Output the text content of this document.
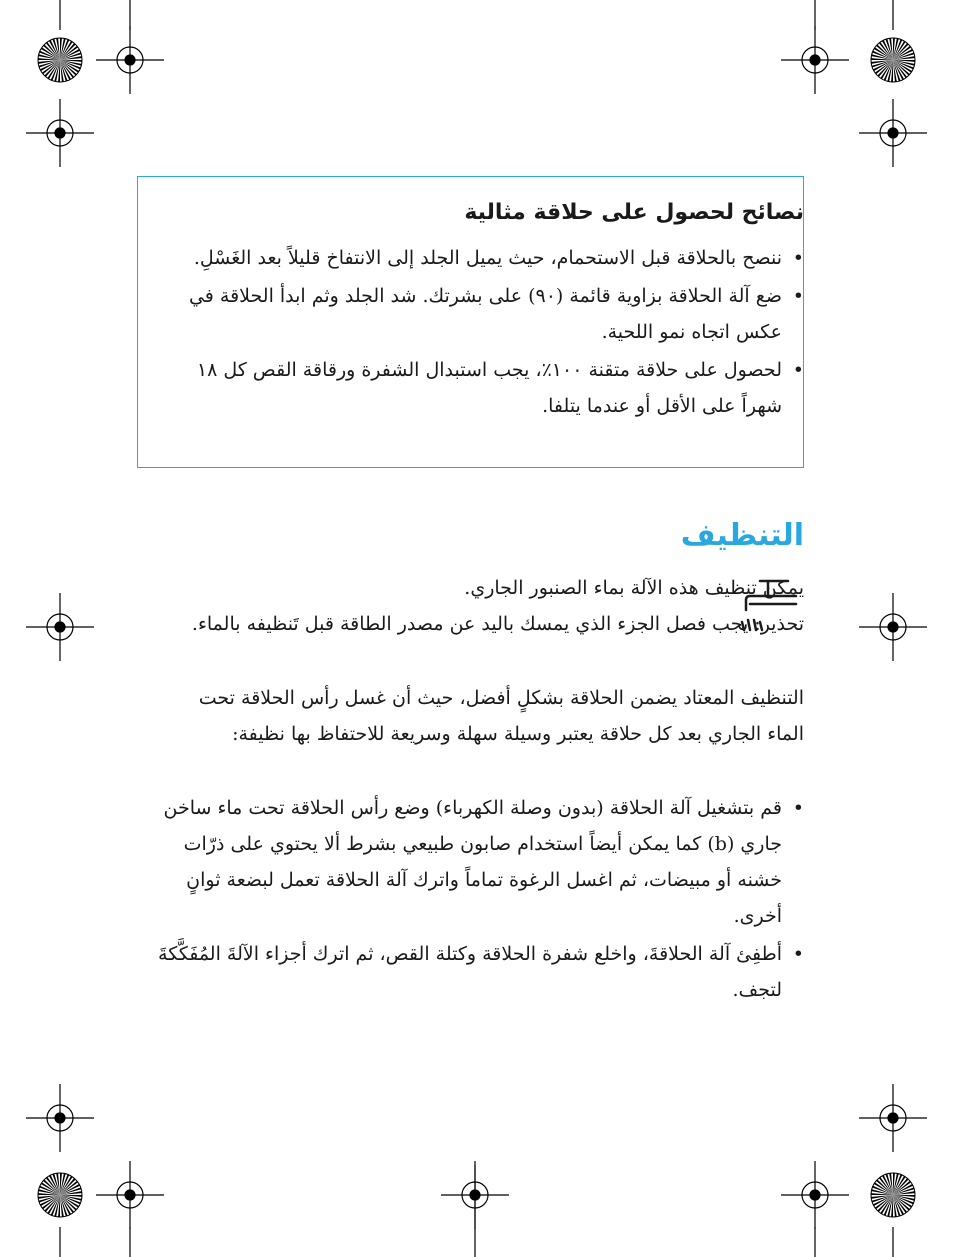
نصائح لحصول على حلاقة مثالية
• ننصح بالحلاقة قبل الاستحمام، حيث يميل الجلد إلى الانتفاخ قليلاً بعد الغَسْلِ.
• ضع آلة الحلاقة بزاوية قائمة (٩٠) على بشرتك. شد الجلد وثم ابدأ الحلاقة في عكس اتجاه نمو اللحية.
• لحصول على حلاقة متقنة ١٠٠٪، يجب استبدال الشفرة ورقاقة القص كل ١٨ شهراً على الأقل أو عندما يتلفا.
التنظيف

يمكن تنظيف هذه الآلة بماء الصنبور الجاري.

تحذير: يجب فصل الجزء الذي يمسك باليد عن مصدر الطاقة قبل تَنظيفه بالماء.

التنظيف المعتاد يضمن الحلاقة بشكلٍ أفضل، حيث أن غسل رأس الحلاقة تحت الماء الجاري بعد كل حلاقة يعتبر وسيلة سهلة وسريعة للاحتفاظ بها نظيفة:

• قم بتشغيل آلة الحلاقة (بدون وصلة الكهرباء) وضع رأس الحلاقة تحت ماء ساخن جاري (b) كما يمكن أيضاً استخدام صابون طبيعي بشرط ألا يحتوي على ذرّات خشنه أو مبيضات، ثم اغسل الرغوة تماماً واترك آلة الحلاقة تعمل لبضعة ثوانٍ أخرى.
• أطفِئ آلة الحلاقةَ، واخلع شفرة الحلاقة وكتلة القص، ثم اترك أجزاء الآلةَ المُفَكَّكةَ لتجف.
